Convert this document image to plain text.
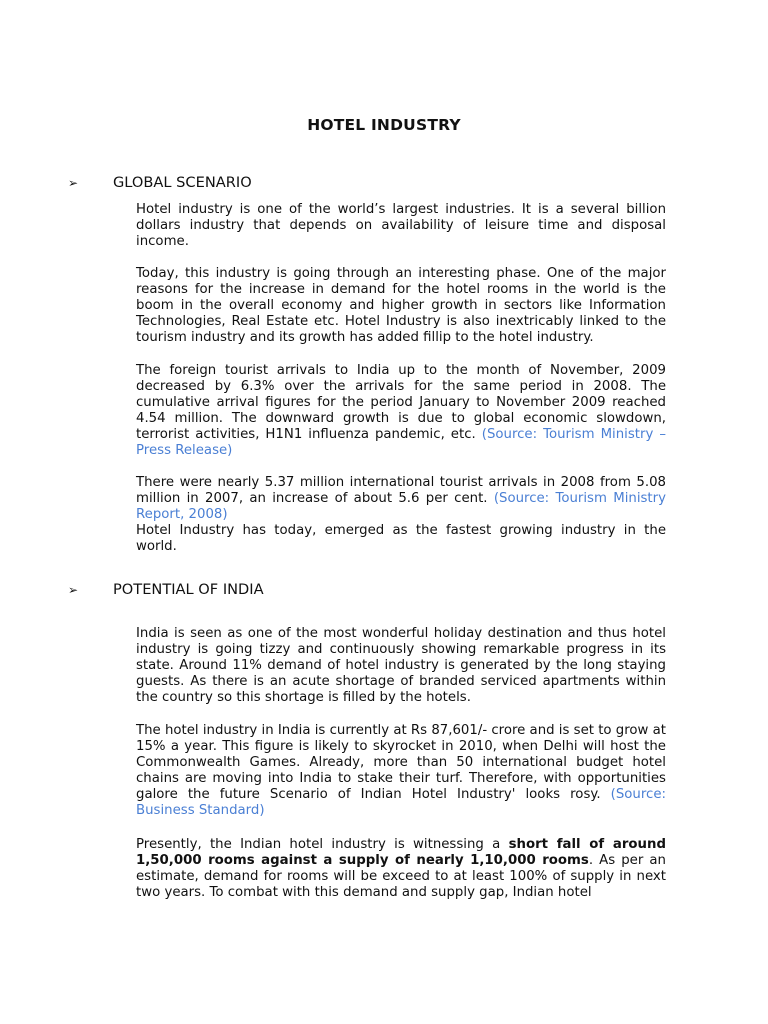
HOTEL INDUSTRY
➢ GLOBAL SCENARIO
Hotel industry is one of the world’s largest industries. It is a several billion dollars industry that depends on availability of leisure time and disposal income.
Today, this industry is going through an interesting phase. One of the major reasons for the increase in demand for the hotel rooms in the world is the boom in the overall economy and higher growth in sectors like Information Technologies, Real Estate etc. Hotel Industry is also inextricably linked to the tourism industry and its growth has added fillip to the hotel industry.
The foreign tourist arrivals to India up to the month of November, 2009 decreased by 6.3% over the arrivals for the same period in 2008. The cumulative arrival figures for the period January to November 2009 reached 4.54 million. The downward growth is due to global economic slowdown, terrorist activities, H1N1 influenza pandemic, etc. (Source: Tourism Ministry – Press Release)
There were nearly 5.37 million international tourist arrivals in 2008 from 5.08 million in 2007, an increase of about 5.6 per cent. (Source: Tourism Ministry Report, 2008)
Hotel Industry has today, emerged as the fastest growing industry in the world.
➢ POTENTIAL OF INDIA
India is seen as one of the most wonderful holiday destination and thus hotel industry is going tizzy and continuously showing remarkable progress in its state. Around 11% demand of hotel industry is generated by the long staying guests. As there is an acute shortage of branded serviced apartments within the country so this shortage is filled by the hotels.
The hotel industry in India is currently at Rs 87,601/- crore and is set to grow at 15% a year. This figure is likely to skyrocket in 2010, when Delhi will host the Commonwealth Games. Already, more than 50 international budget hotel chains are moving into India to stake their turf. Therefore, with opportunities galore the future Scenario of Indian Hotel Industry' looks rosy. (Source: Business Standard)
Presently, the Indian hotel industry is witnessing a short fall of around 1,50,000 rooms against a supply of nearly 1,10,000 rooms. As per an estimate, demand for rooms will be exceed to at least 100% of supply in next two years. To combat with this demand and supply gap, Indian hotel
